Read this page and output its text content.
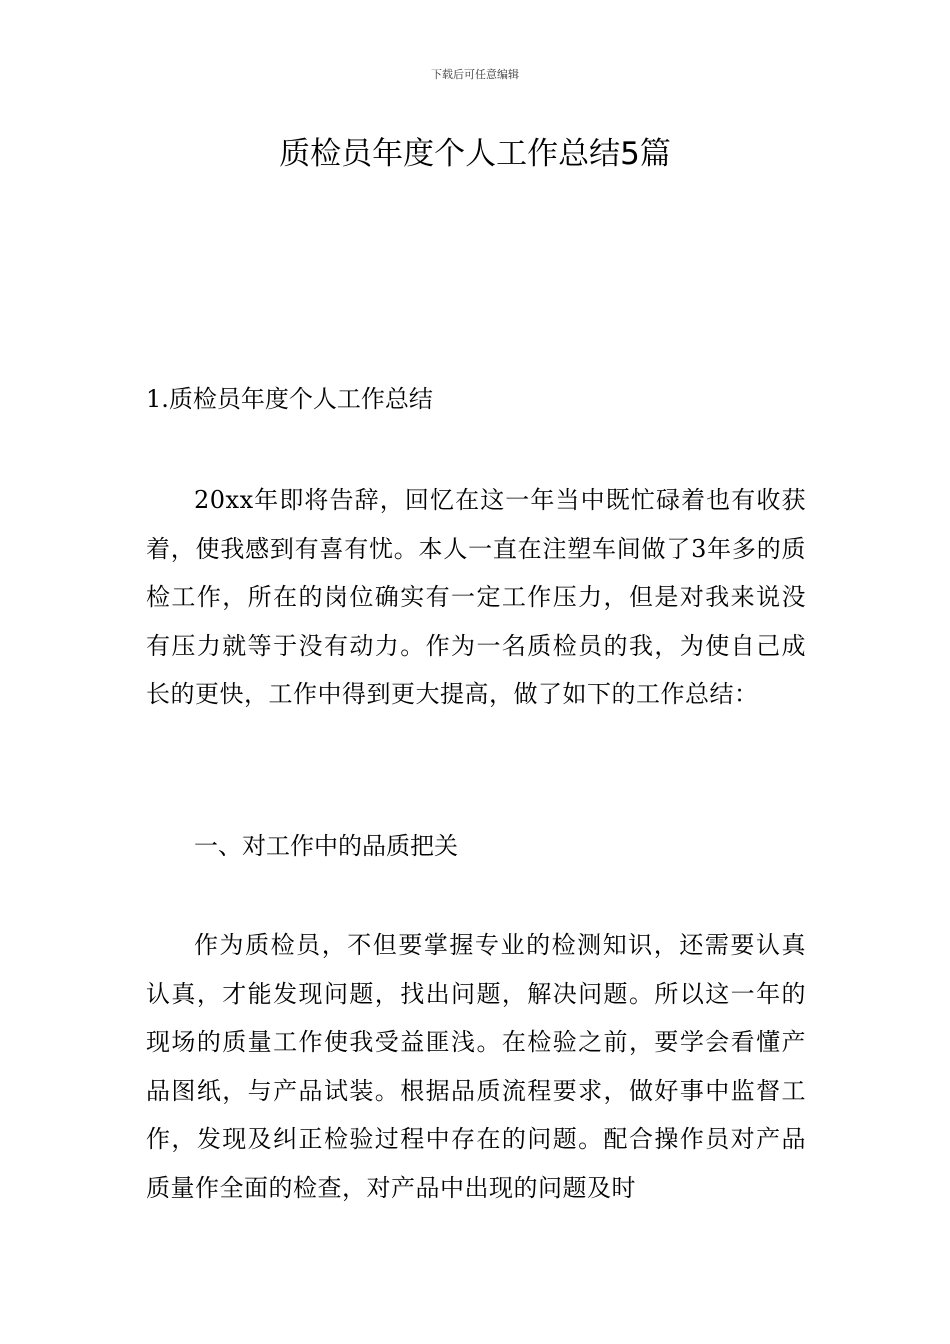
下载后可任意编辑
质检员年度个人工作总结5篇

1.质检员年度个人工作总结

20xx年即将告辞，回忆在这一年当中既忙碌着也有收获着，使我感到有喜有忧。本人一直在注塑车间做了3年多的质检工作，所在的岗位确实有一定工作压力，但是对我来说没有压力就等于没有动力。作为一名质检员的我，为使自己成长的更快，工作中得到更大提高，做了如下的工作总结：

一、对工作中的品质把关

作为质检员，不但要掌握专业的检测知识，还需要认真认真，才能发现问题，找出问题，解决问题。所以这一年的现场的质量工作使我受益匪浅。在检验之前，要学会看懂产品图纸，与产品试装。根据品质流程要求，做好事中监督工作，发现及纠正检验过程中存在的问题。配合操作员对产品质量作全面的检查，对产品中出现的问题及时
